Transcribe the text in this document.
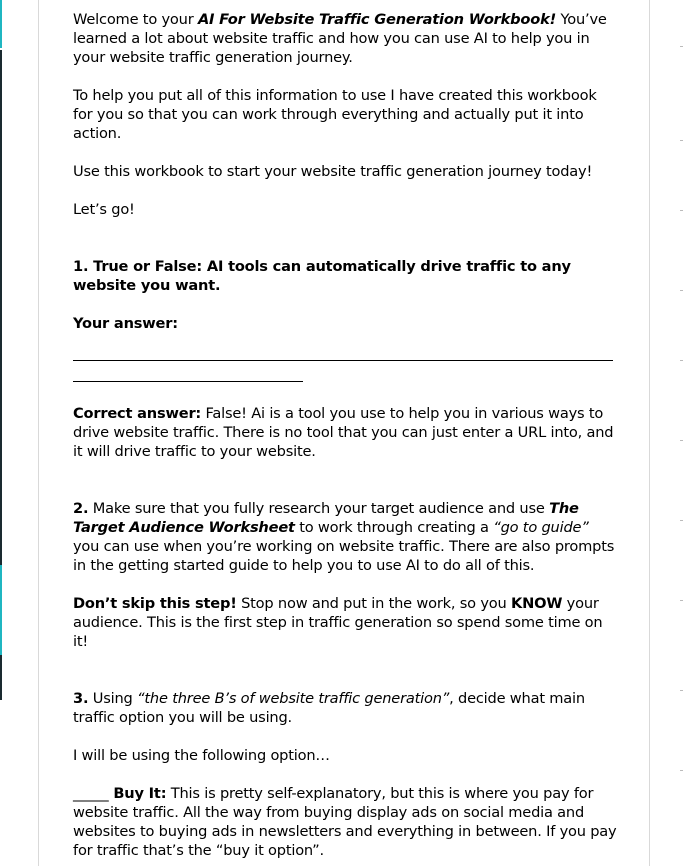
Welcome to your AI For Website Traffic Generation Workbook! You’ve learned a lot about website traffic and how you can use AI to help you in your website traffic generation journey.

To help you put all of this information to use I have created this workbook for you so that you can work through everything and actually put it into action.

Use this workbook to start your website traffic generation journey today!

Let’s go!

1. True or False: AI tools can automatically drive traffic to any website you want.

Your answer:

Correct answer: False! Ai is a tool you use to help you in various ways to drive website traffic. There is no tool that you can just enter a URL into, and it will drive traffic to your website.

2. Make sure that you fully research your target audience and use The Target Audience Worksheet to work through creating a “go to guide” you can use when you’re working on website traffic. There are also prompts in the getting started guide to help you to use AI to do all of this.

Don’t skip this step! Stop now and put in the work, so you KNOW your audience. This is the first step in traffic generation so spend some time on it!

3. Using “the three B’s of website traffic generation”, decide what main traffic option you will be using.

I will be using the following option…

_____ Buy It: This is pretty self-explanatory, but this is where you pay for website traffic. All the way from buying display ads on social media and websites to buying ads in newsletters and everything in between. If you pay for traffic that’s the “buy it option”.
